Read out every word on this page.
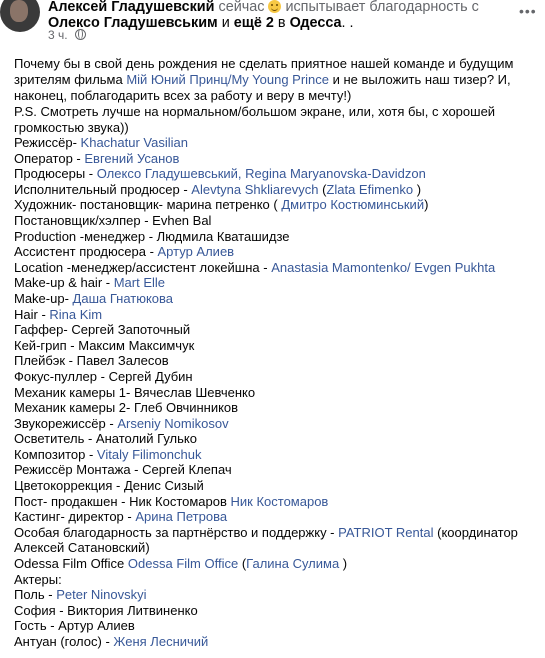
Алексей Гладушевский сейчас испытывает благодарность с Олексо Гладушевським и ещё 2 в Одесса. .
•••
3 ч.
Почему бы в свой день рождения не сделать приятное нашей команде и будущим зрителям фильма Мій Юний Принц/My Young Prince и не выложить наш тизер? И, наконец, поблагодарить всех за работу и веру в мечту!)
P.S. Смотреть лучше на нормальном/большом экране, или, хотя бы, с хорошей громкостью звука))
Режиссёр- Khachatur Vasilian
Оператор - Евгений Усанов
Продюсеры - Олексо Гладушевський, Regina Maryanovska-Davidzon
Исполнительный продюсер - Alevtyna Shkliarevych (Zlata Efimenko )
Художник- постановщик- марина петренко ( Дмитро Костюминський)
Постановщик/хэлпер - Evhen Bal
Production -менеджер - Людмила Кваташидзе
Ассистент продюсера - Артур Алиев
Location -менеджер/ассистент локейшна - Anastasia Mamontenko/ Evgen Pukhta
Make-up & hair - Mart Elle
Make-up- Даша Гнатюкова
Hair - Rina Kim
Гаффер- Сергей Запоточный
Кей-грип - Максим Максимчук
Плейбэк - Павел Залесов
Фокус-пуллер - Сергей Дубин
Механик камеры 1- Вячеслав Шевченко
Механик камеры 2- Глеб Овчинников
Звукорежиссёр - Arseniy Nomikosov
Осветитель - Анатолий Гулько
Композитор - Vitaly Filimonchuk
Режиссёр Монтажа - Сергей Клепач
Цветокоррекция - Денис Сизый
Пост- продакшен - Ник Костомаров Ник Костомаров
Кастинг- директор - Арина Петрова
Особая благодарность за партнёрство и поддержку - PATRIOT Rental (координатор Алексей Сатановский)
Odessa Film Office Odessa Film Office (Галина Сулима )
Актеры:
Поль - Peter Ninovskyi
София - Виктория Литвиненко
Гость - Артур Алиев
Антуан (голос) - Женя Лесничий
